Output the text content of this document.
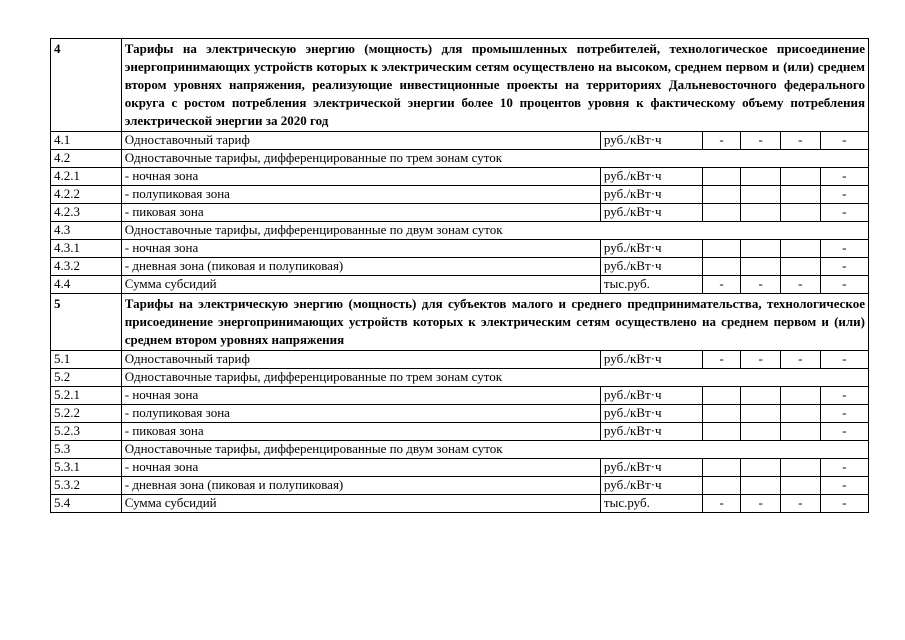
4	Тарифы на электрическую энергию (мощность) для промышленных потребителей, технологическое присоединение энергопринимающих устройств которых к электрическим сетям осуществлено на высоком, среднем первом и (или) среднем втором уровнях напряжения, реализующие инвестиционные проекты на территориях Дальневосточного федерального округа с ростом потребления электрической энергии более 10 процентов уровня к фактическому объему потребления электрической энергии за 2020 год					
4.1	Одноставочный тариф	руб./кВт·ч	-	-	-	-
4.2	Одноставочные тарифы, дифференцированные по трем зонам суток					
4.2.1	- ночная зона	руб./кВт·ч				-
4.2.2	- полупиковая зона	руб./кВт·ч				-
4.2.3	- пиковая зона	руб./кВт·ч				-
4.3	Одноставочные тарифы, дифференцированные по двум зонам суток					
4.3.1	- ночная зона	руб./кВт·ч				-
4.3.2	- дневная зона (пиковая и полупиковая)	руб./кВт·ч				-
4.4	Сумма субсидий	тыс.руб.	-	-	-	-
5	Тарифы на электрическую энергию (мощность) для субъектов малого и среднего предпринимательства, технологическое присоединение энергопринимающих устройств которых к электрическим сетям осуществлено на среднем первом и (или) среднем втором уровнях напряжения					
5.1	Одноставочный тариф	руб./кВт·ч	-	-	-	-
5.2	Одноставочные тарифы, дифференцированные по трем зонам суток					
5.2.1	- ночная зона	руб./кВт·ч				-
5.2.2	- полупиковая зона	руб./кВт·ч				-
5.2.3	- пиковая зона	руб./кВт·ч				-
5.3	Одноставочные тарифы, дифференцированные по двум зонам суток					
5.3.1	- ночная зона	руб./кВт·ч				-
5.3.2	- дневная зона (пиковая и полупиковая)	руб./кВт·ч				-
5.4	Сумма субсидий	тыс.руб.	-	-	-	-
